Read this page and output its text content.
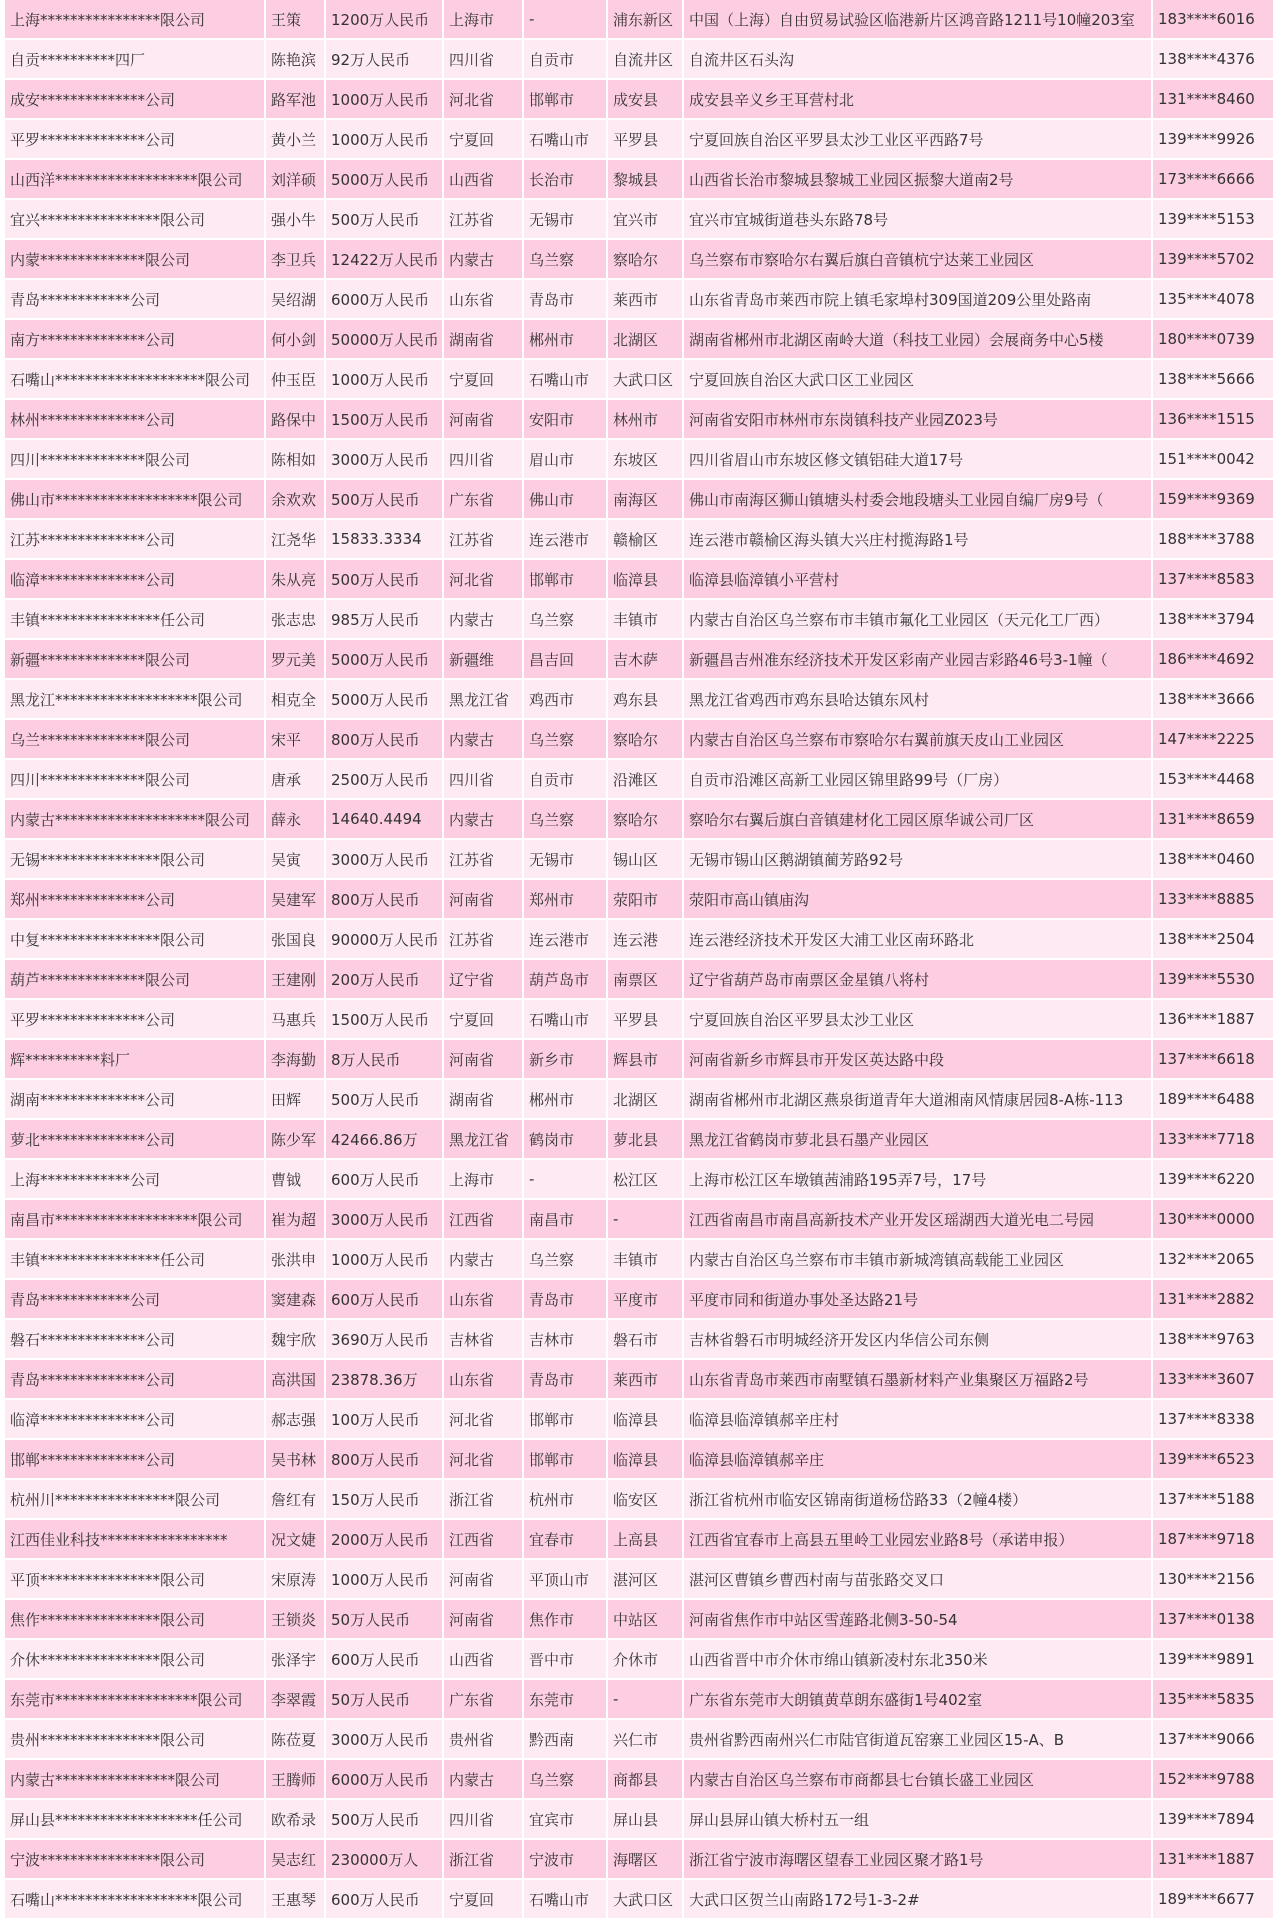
上海****************限公司	王策	1200万人民币	上海市	-	浦东新区	中国（上海）自由贸易试验区临港新片区鸿音路1211号10幢203室	183****6016
自贡**********四厂	陈艳滨	92万人民币	四川省	自贡市	自流井区	自流井区石头沟	138****4376
成安**************公司	路军池	1000万人民币	河北省	邯郸市	成安县	成安县辛义乡王耳营村北	131****8460
平罗**************公司	黄小兰	1000万人民币	宁夏回	石嘴山市	平罗县	宁夏回族自治区平罗县太沙工业区平西路7号	139****9926
山西洋*******************限公司	刘洋硕	5000万人民币	山西省	长治市	黎城县	山西省长治市黎城县黎城工业园区振黎大道南2号	173****6666
宜兴****************限公司	强小牛	500万人民币	江苏省	无锡市	宜兴市	宜兴市宜城街道巷头东路78号	139****5153
内蒙**************限公司	李卫兵	12422万人民币	内蒙古	乌兰察	察哈尔	乌兰察布市察哈尔右翼后旗白音镇杭宁达莱工业园区	139****5702
青岛************公司	吴绍湖	6000万人民币	山东省	青岛市	莱西市	山东省青岛市莱西市院上镇毛家埠村309国道209公里处路南	135****4078
南方**************公司	何小剑	50000万人民币	湖南省	郴州市	北湖区	湖南省郴州市北湖区南岭大道（科技工业园）会展商务中心5楼	180****0739
石嘴山********************限公司	仲玉臣	1000万人民币	宁夏回	石嘴山市	大武口区	宁夏回族自治区大武口区工业园区	138****5666
林州**************公司	路保中	1500万人民币	河南省	安阳市	林州市	河南省安阳市林州市东岗镇科技产业园Z023号	136****1515
四川**************限公司	陈相如	3000万人民币	四川省	眉山市	东坡区	四川省眉山市东坡区修文镇铝硅大道17号	151****0042
佛山市*******************限公司	余欢欢	500万人民币	广东省	佛山市	南海区	佛山市南海区狮山镇塘头村委会地段塘头工业园自编厂房9号（	159****9369
江苏**************公司	江尧华	15833.3334	江苏省	连云港市	赣榆区	连云港市赣榆区海头镇大兴庄村揽海路1号	188****3788
临漳**************公司	朱从亮	500万人民币	河北省	邯郸市	临漳县	临漳县临漳镇小平营村	137****8583
丰镇****************任公司	张志忠	985万人民币	内蒙古	乌兰察	丰镇市	内蒙古自治区乌兰察布市丰镇市氟化工业园区（天元化工厂西）	138****3794
新疆**************限公司	罗元美	5000万人民币	新疆维	昌吉回	吉木萨	新疆昌吉州准东经济技术开发区彩南产业园吉彩路46号3-1幢（	186****4692
黑龙江*******************限公司	相克全	5000万人民币	黑龙江省	鸡西市	鸡东县	黑龙江省鸡西市鸡东县哈达镇东风村	138****3666
乌兰**************限公司	宋平	800万人民币	内蒙古	乌兰察	察哈尔	内蒙古自治区乌兰察布市察哈尔右翼前旗天皮山工业园区	147****2225
四川**************限公司	唐承	2500万人民币	四川省	自贡市	沿滩区	自贡市沿滩区高新工业园区锦里路99号（厂房）	153****4468
内蒙古********************限公司	薛永	14640.4494	内蒙古	乌兰察	察哈尔	察哈尔右翼后旗白音镇建材化工园区原华诚公司厂区	131****8659
无锡****************限公司	吴寅	3000万人民币	江苏省	无锡市	锡山区	无锡市锡山区鹅湖镇蔺芳路92号	138****0460
郑州**************公司	吴建军	800万人民币	河南省	郑州市	荥阳市	荥阳市高山镇庙沟	133****8885
中复****************限公司	张国良	90000万人民币	江苏省	连云港市	连云港	连云港经济技术开发区大浦工业区南环路北	138****2504
葫芦**************限公司	王建刚	200万人民币	辽宁省	葫芦岛市	南票区	辽宁省葫芦岛市南票区金星镇八将村	139****5530
平罗**************公司	马惠兵	1500万人民币	宁夏回	石嘴山市	平罗县	宁夏回族自治区平罗县太沙工业区	136****1887
辉**********料厂	李海勤	8万人民币	河南省	新乡市	辉县市	河南省新乡市辉县市开发区英达路中段	137****6618
湖南**************公司	田辉	500万人民币	湖南省	郴州市	北湖区	湖南省郴州市北湖区燕泉街道青年大道湘南风情康居园8-A栋-113	189****6488
萝北**************公司	陈少军	42466.86万	黑龙江省	鹤岗市	萝北县	黑龙江省鹤岗市萝北县石墨产业园区	133****7718
上海************公司	曹钺	600万人民币	上海市	-	松江区	上海市松江区车墩镇茜浦路195弄7号，17号	139****6220
南昌市*******************限公司	崔为超	3000万人民币	江西省	南昌市	-	江西省南昌市南昌高新技术产业开发区瑶湖西大道光电二号园	130****0000
丰镇****************任公司	张洪申	1000万人民币	内蒙古	乌兰察	丰镇市	内蒙古自治区乌兰察布市丰镇市新城湾镇高载能工业园区	132****2065
青岛************公司	窦建森	600万人民币	山东省	青岛市	平度市	平度市同和街道办事处圣达路21号	131****2882
磐石**************公司	魏宇欣	3690万人民币	吉林省	吉林市	磐石市	吉林省磐石市明城经济开发区内华信公司东侧	138****9763
青岛**************公司	高洪国	23878.36万	山东省	青岛市	莱西市	山东省青岛市莱西市南墅镇石墨新材料产业集聚区万福路2号	133****3607
临漳**************公司	郝志强	100万人民币	河北省	邯郸市	临漳县	临漳县临漳镇郝辛庄村	137****8338
邯郸**************公司	吴书林	800万人民币	河北省	邯郸市	临漳县	临漳县临漳镇郝辛庄	139****6523
杭州川****************限公司	詹红有	150万人民币	浙江省	杭州市	临安区	浙江省杭州市临安区锦南街道杨岱路33（2幢4楼）	137****5188
江西佳业科技*****************	况文婕	2000万人民币	江西省	宜春市	上高县	江西省宜春市上高县五里岭工业园宏业路8号（承诺申报）	187****9718
平顶****************限公司	宋原涛	1000万人民币	河南省	平顶山市	湛河区	湛河区曹镇乡曹西村南与苗张路交叉口	130****2156
焦作****************限公司	王锁炎	50万人民币	河南省	焦作市	中站区	河南省焦作市中站区雪莲路北侧3-50-54	137****0138
介休****************限公司	张泽宇	600万人民币	山西省	晋中市	介休市	山西省晋中市介休市绵山镇新凌村东北350米	139****9891
东莞市*******************限公司	李翠霞	50万人民币	广东省	东莞市	-	广东省东莞市大朗镇黄草朗东盛街1号402室	135****5835
贵州****************限公司	陈莅夏	3000万人民币	贵州省	黔西南	兴仁市	贵州省黔西南州兴仁市陆官街道瓦窑寨工业园区15-A、B	137****9066
内蒙古****************限公司	王腾师	6000万人民币	内蒙古	乌兰察	商都县	内蒙古自治区乌兰察布市商都县七台镇长盛工业园区	152****9788
屏山县*******************任公司	欧希录	500万人民币	四川省	宜宾市	屏山县	屏山县屏山镇大桥村五一组	139****7894
宁波****************限公司	吴志红	230000万人	浙江省	宁波市	海曙区	浙江省宁波市海曙区望春工业园区聚才路1号	131****1887
石嘴山*******************限公司	王惠琴	600万人民币	宁夏回	石嘴山市	大武口区	大武口区贺兰山南路172号1-3-2#	189****6677
